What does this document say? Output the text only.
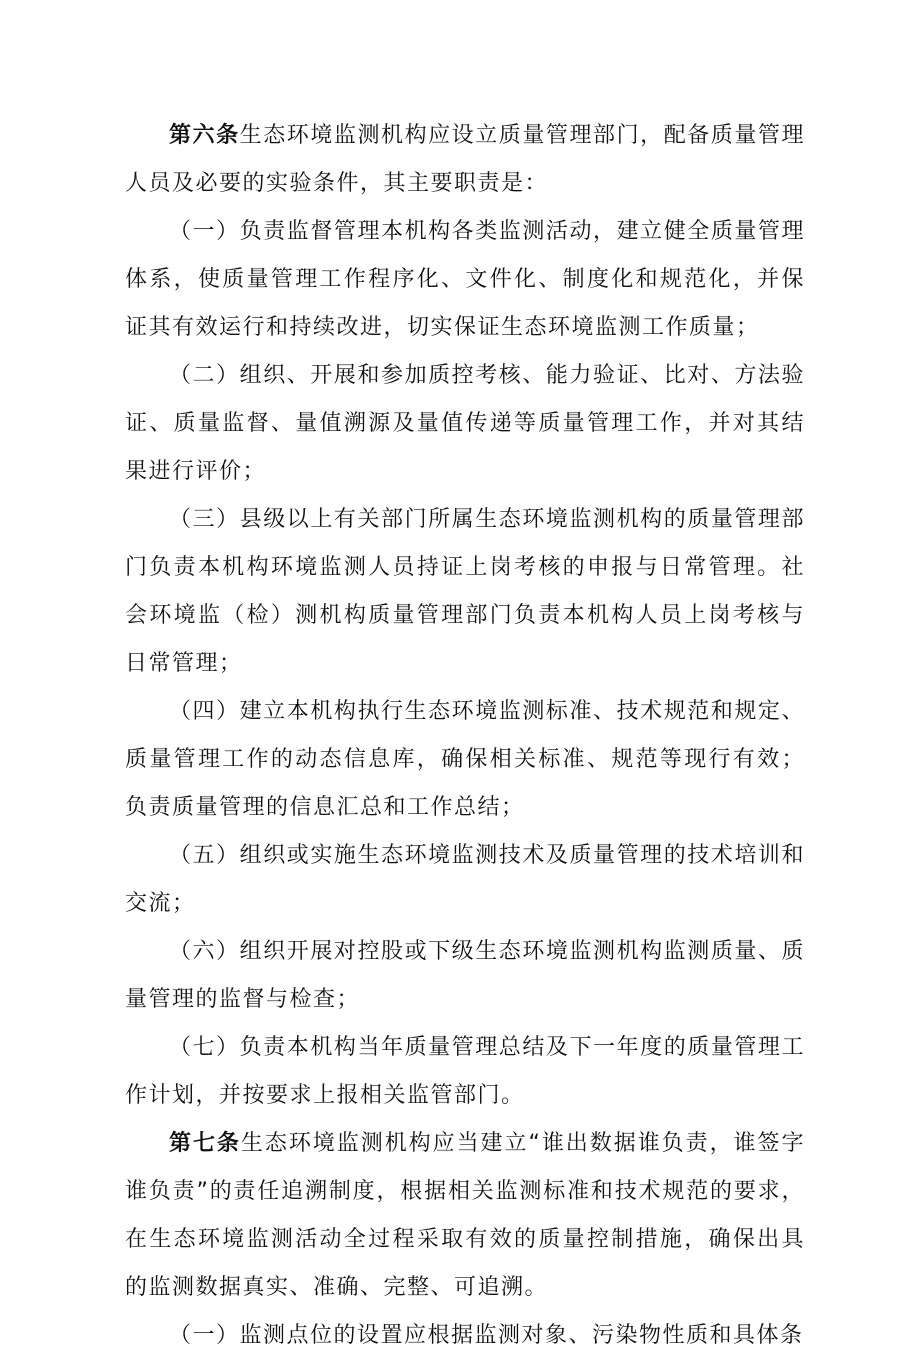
第六条生态环境监测机构应设立质量管理部门，配备质量管理人员及必要的实验条件，其主要职责是：

（一）负责监督管理本机构各类监测活动，建立健全质量管理体系，使质量管理工作程序化、文件化、制度化和规范化，并保证其有效运行和持续改进，切实保证生态环境监测工作质量；

（二）组织、开展和参加质控考核、能力验证、比对、方法验证、质量监督、量值溯源及量值传递等质量管理工作，并对其结果进行评价；

（三）县级以上有关部门所属生态环境监测机构的质量管理部门负责本机构环境监测人员持证上岗考核的申报与日常管理。社会环境监（检）测机构质量管理部门负责本机构人员上岗考核与日常管理；

（四）建立本机构执行生态环境监测标准、技术规范和规定、质量管理工作的动态信息库，确保相关标准、规范等现行有效；负责质量管理的信息汇总和工作总结；

（五）组织或实施生态环境监测技术及质量管理的技术培训和交流；

（六）组织开展对控股或下级生态环境监测机构监测质量、质量管理的监督与检查；

（七）负责本机构当年质量管理总结及下一年度的质量管理工作计划，并按要求上报相关监管部门。

第七条生态环境监测机构应当建立“谁出数据谁负责，谁签字谁负责”的责任追溯制度，根据相关监测标准和技术规范的要求，在生态环境监测活动全过程采取有效的质量控制措施，确保出具的监测数据真实、准确、完整、可追溯。

（一）监测点位的设置应根据监测对象、污染物性质和具体条
